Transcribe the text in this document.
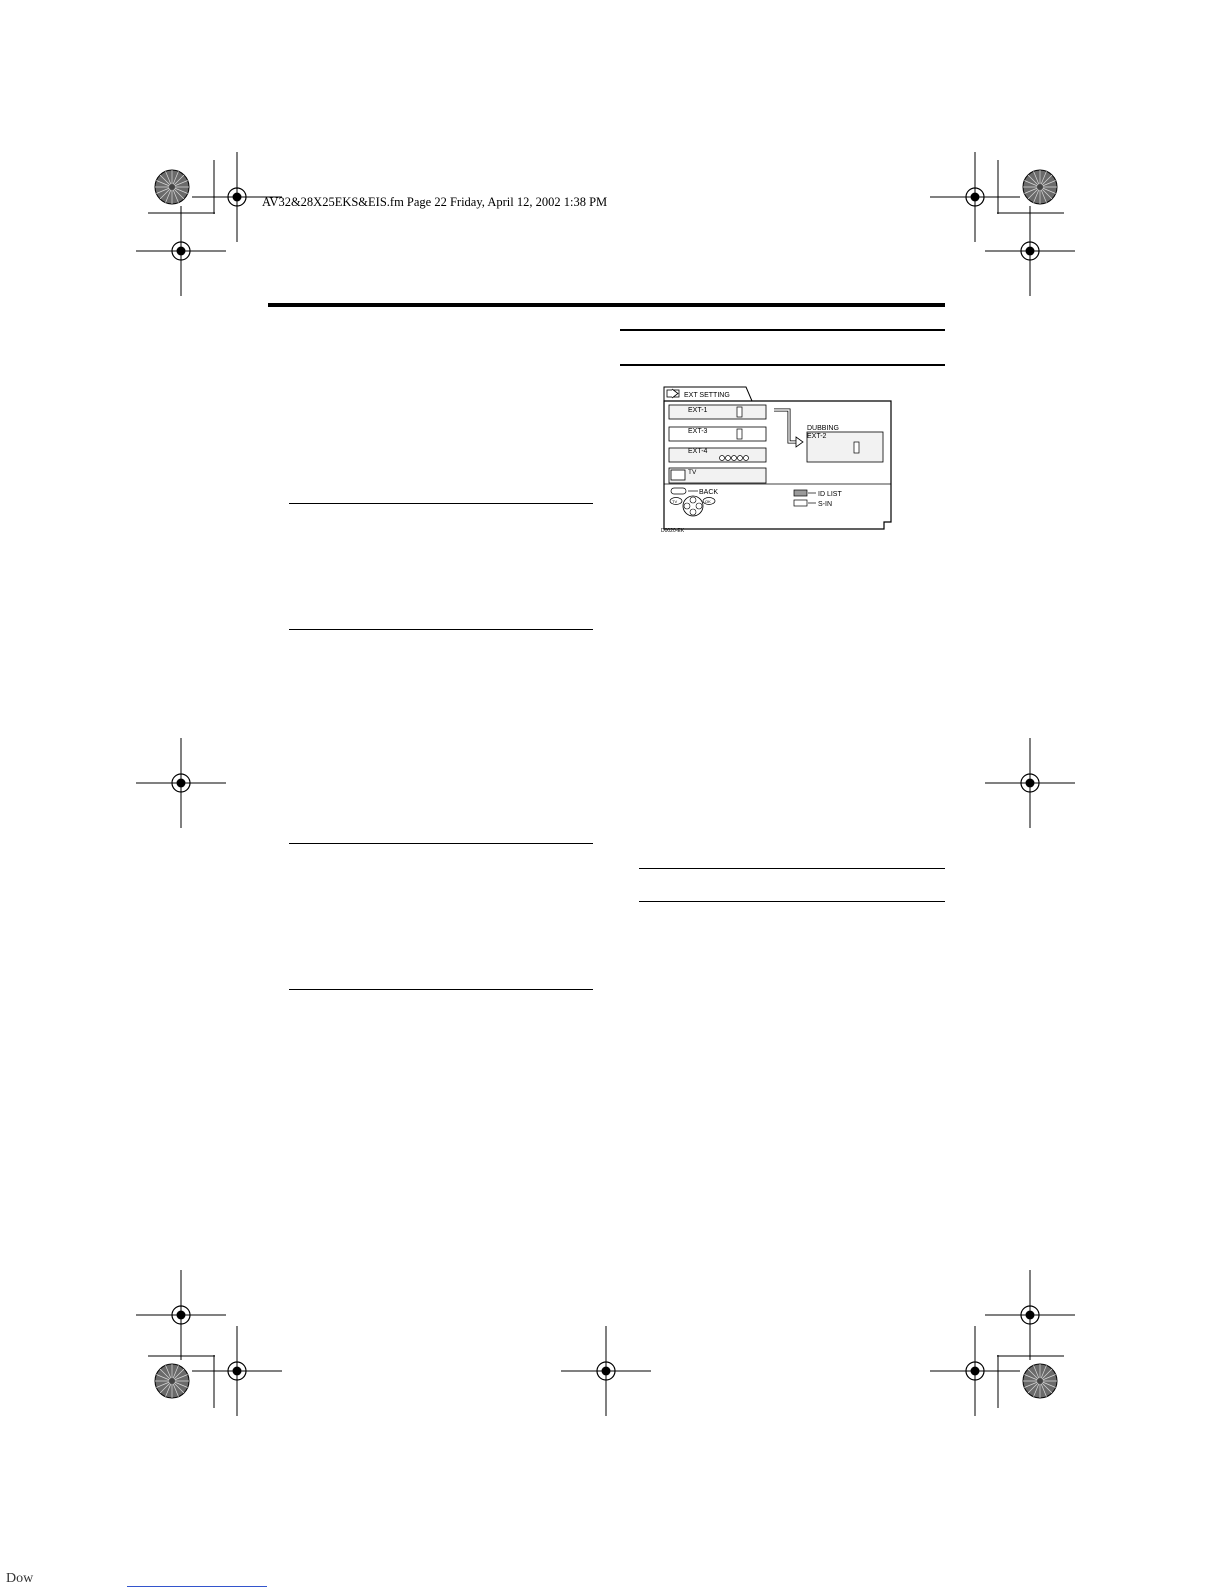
AV32&28X25EKS&EIS.fm Page 22 Friday, April 12, 2002 1:38 PM
EXT SETTING
EXT-1
EXT-3
EXT-4
TV
DUBBING
EXT-2
BACK
TV	OK
ID LIST
S-IN
D0020-EK
Dow
